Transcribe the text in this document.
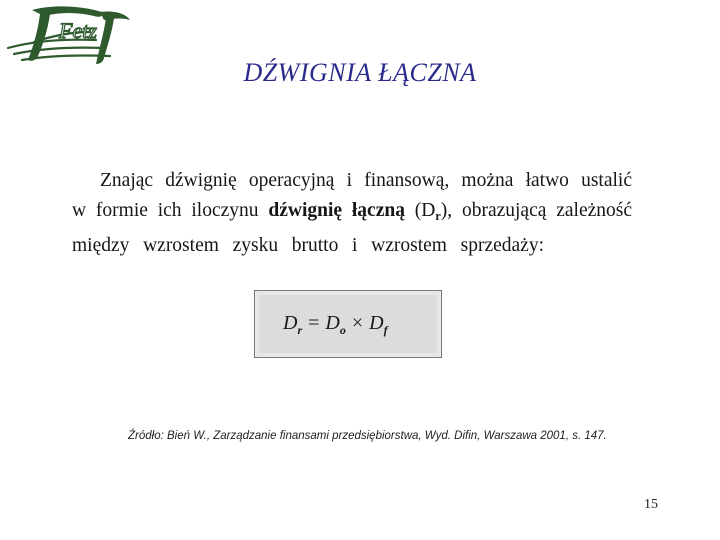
Fetz
DŹWIGNIA ŁĄCZNA
Znając dźwignię operacyjną i finansową, można łatwo ustalić
w formie ich iloczynu dźwignię łączną $(D_r)$, obrazującą zależność
między wzrostem zysku brutto i wzrostem sprzedaży:
$D_r = D_o \times D_f$
Źródło: Bień W., Zarządzanie finansami przedsiębiorstwa, Wyd. Difin, Warszawa 2001, s. 147.
15
